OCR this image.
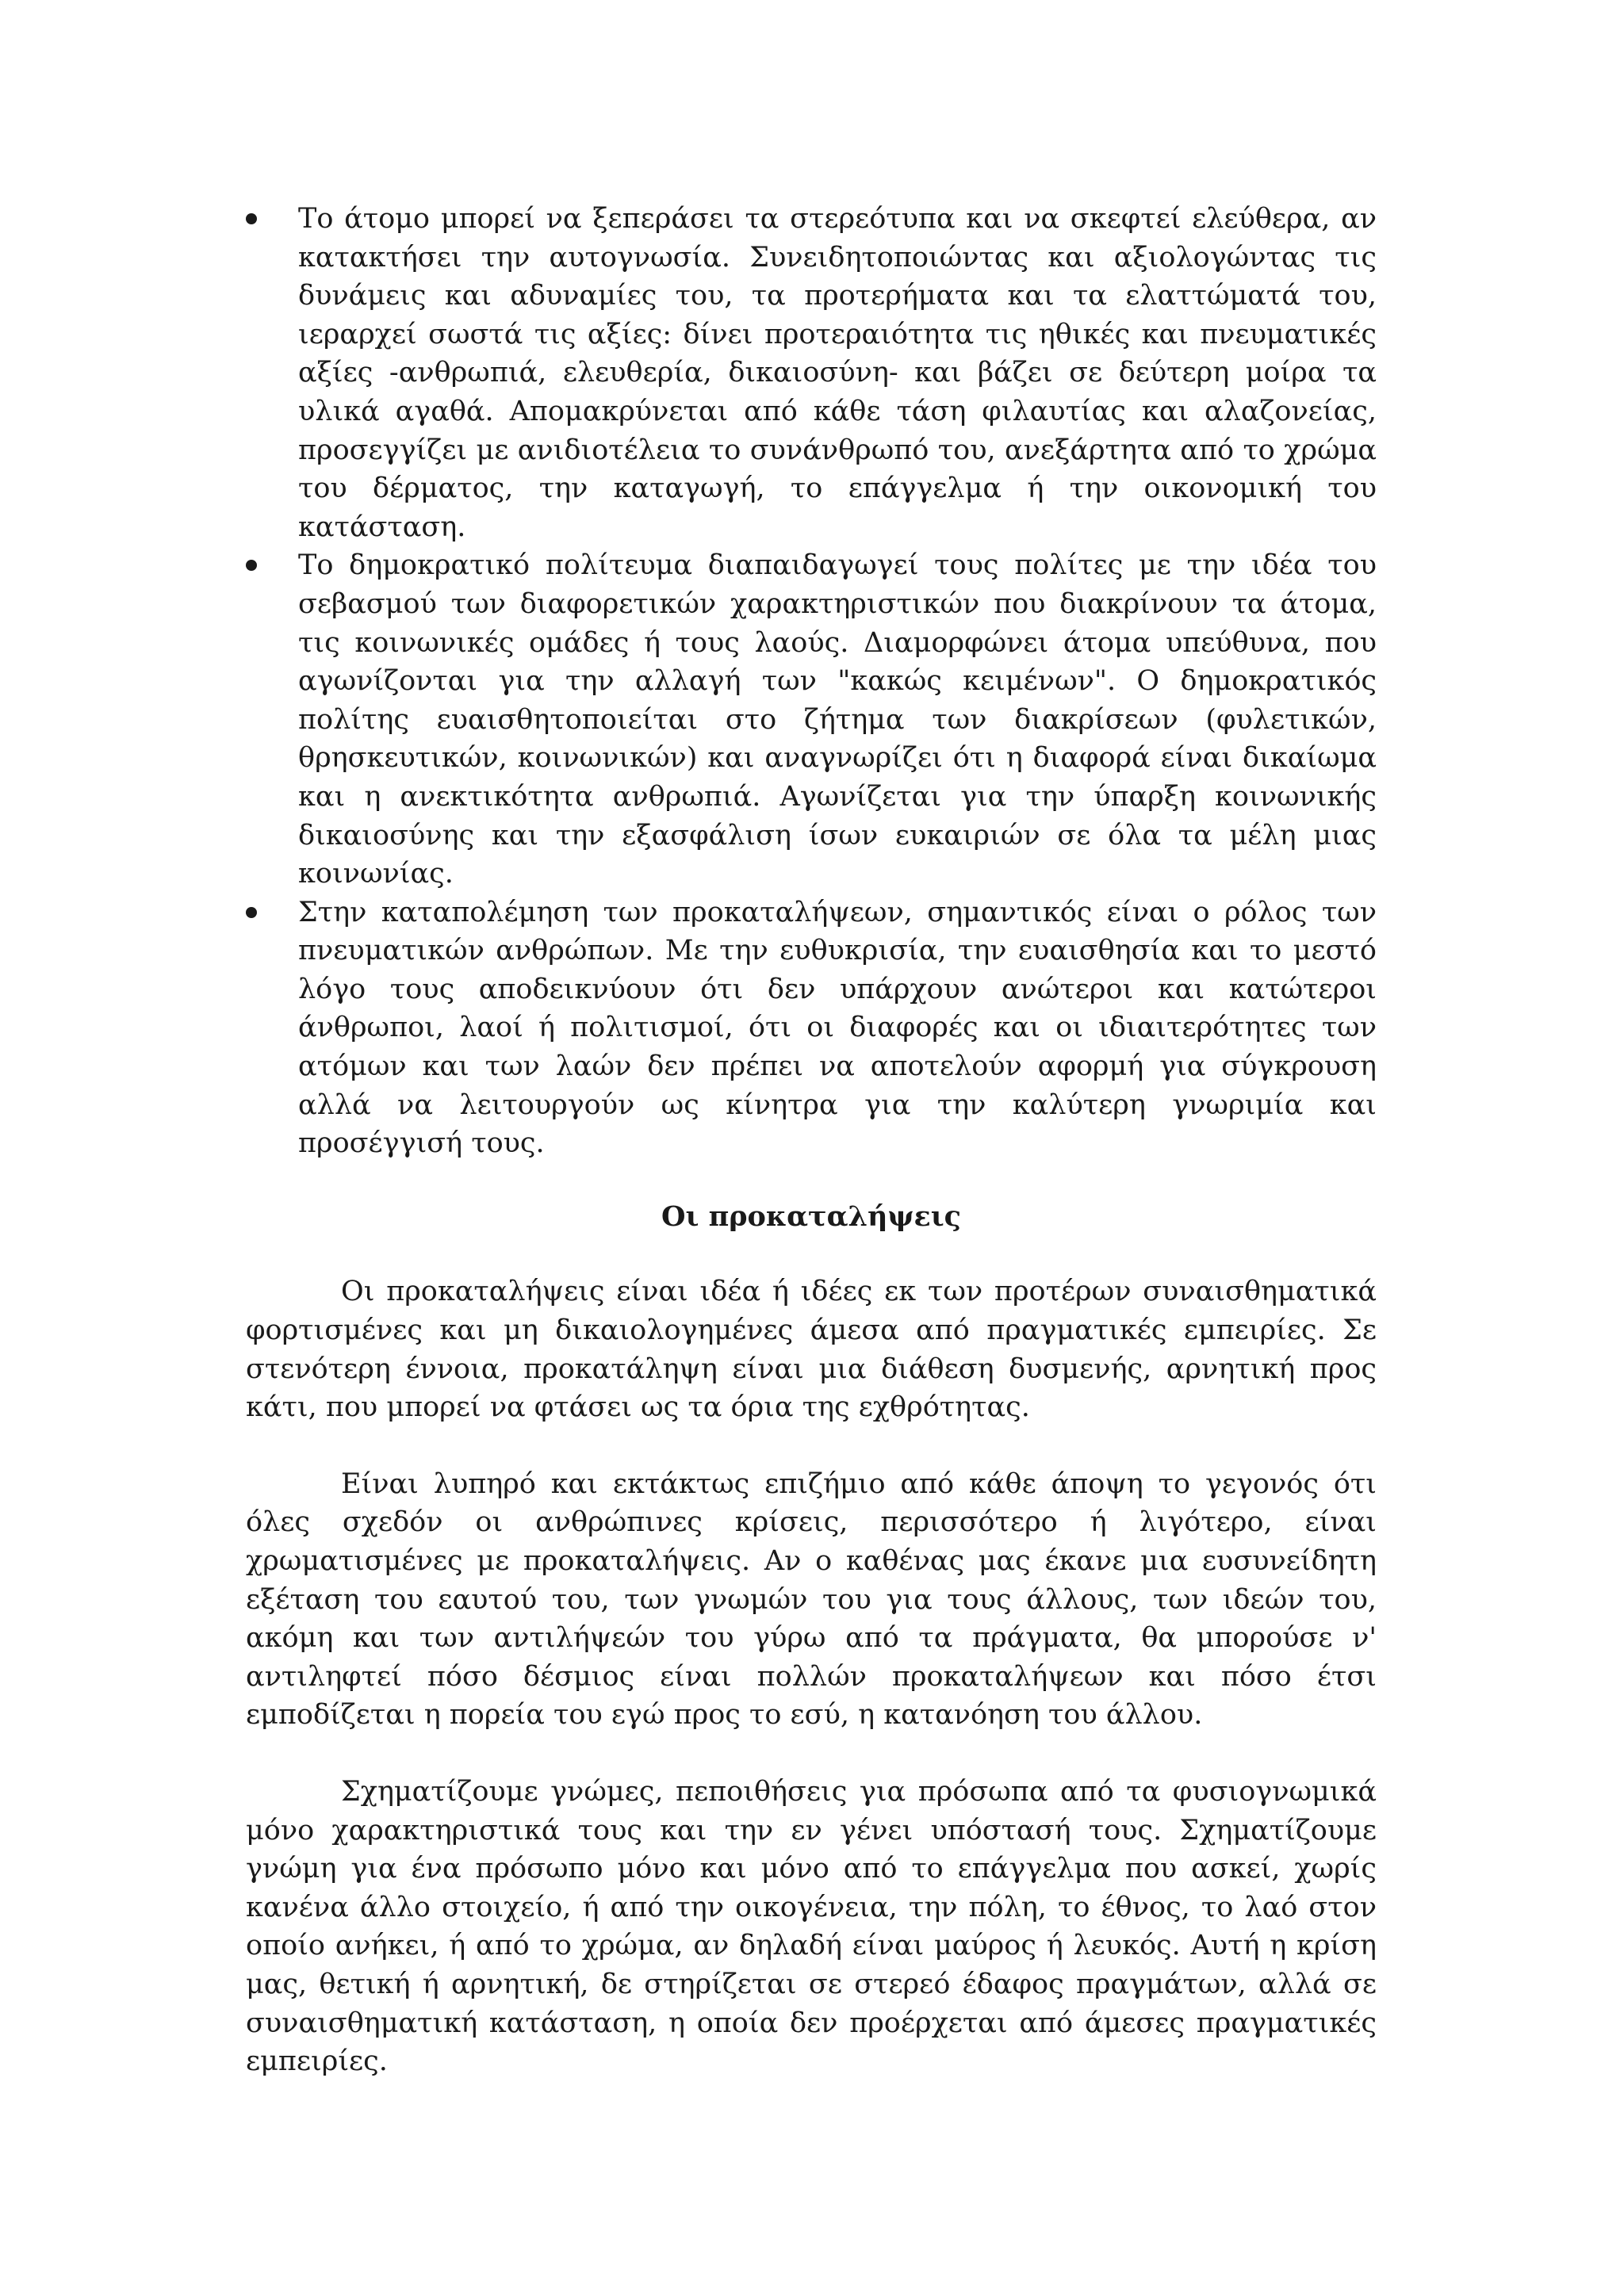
Το άτομο μπορεί να ξεπεράσει τα στερεότυπα και να σκεφτεί ελεύθερα, αν κατακτήσει την αυτογνωσία. Συνειδητοποιώντας και αξιολογώντας τις δυνάμεις και αδυναμίες του, τα προτερήματα και τα ελαττώματά του, ιεραρχεί σωστά τις αξίες: δίνει προτεραιότητα τις ηθικές και πνευματικές αξίες -ανθρωπιά, ελευθερία, δικαιοσύνη- και βάζει σε δεύτερη μοίρα τα υλικά αγαθά. Απομακρύνεται από κάθε τάση φιλαυτίας και αλαζονείας, προσεγγίζει με ανιδιοτέλεια το συνάνθρωπό του, ανεξάρτητα από το χρώμα του δέρματος, την καταγωγή, το επάγγελμα ή την οικονομική του κατάσταση.
Το δημοκρατικό πολίτευμα διαπαιδαγωγεί τους πολίτες με την ιδέα του σεβασμού των διαφορετικών χαρακτηριστικών που διακρίνουν τα άτομα, τις κοινωνικές ομάδες ή τους λαούς. Διαμορφώνει άτομα υπεύθυνα, που αγωνίζονται για την αλλαγή των "κακώς κειμένων". Ο δημοκρατικός πολίτης ευαισθητοποιείται στο ζήτημα των διακρίσεων (φυλετικών, θρησκευτικών, κοινωνικών) και αναγνωρίζει ότι η διαφορά είναι δικαίωμα και η ανεκτικότητα ανθρωπιά. Αγωνίζεται για την ύπαρξη κοινωνικής δικαιοσύνης και την εξασφάλιση ίσων ευκαιριών σε όλα τα μέλη μιας κοινωνίας.
Στην καταπολέμηση των προκαταλήψεων, σημαντικός είναι ο ρόλος των πνευματικών ανθρώπων. Με την ευθυκρισία, την ευαισθησία και το μεστό λόγο τους αποδεικνύουν ότι δεν υπάρχουν ανώτεροι και κατώτεροι άνθρωποι, λαοί ή πολιτισμοί, ότι οι διαφορές και οι ιδιαιτερότητες των ατόμων και των λαών δεν πρέπει να αποτελούν αφορμή για σύγκρουση αλλά να λειτουργούν ως κίνητρα για την καλύτερη γνωριμία και προσέγγισή τους.
Οι προκαταλήψεις

Οι προκαταλήψεις είναι ιδέα ή ιδέες εκ των προτέρων συναισθηματικά φορτισμένες και μη δικαιολογημένες άμεσα από πραγματικές εμπειρίες. Σε στενότερη έννοια, προκατάληψη είναι μια διάθεση δυσμενής, αρνητική προς κάτι, που μπορεί να φτάσει ως τα όρια της εχθρότητας.

Είναι λυπηρό και εκτάκτως επιζήμιο από κάθε άποψη το γεγονός ότι όλες σχεδόν οι ανθρώπινες κρίσεις, περισσότερο ή λιγότερο, είναι χρωματισμένες με προκαταλήψεις. Αν ο καθένας μας έκανε μια ευσυνείδητη εξέταση του εαυτού του, των γνωμών του για τους άλλους, των ιδεών του, ακόμη και των αντιλήψεών του γύρω από τα πράγματα, θα μπορούσε ν' αντιληφτεί πόσο δέσμιος είναι πολλών προκαταλήψεων και πόσο έτσι εμποδίζεται η πορεία του εγώ προς το εσύ, η κατανόηση του άλλου.

Σχηματίζουμε γνώμες, πεποιθήσεις για πρόσωπα από τα φυσιογνωμικά μόνο χαρακτηριστικά τους και την εν γένει υπόστασή τους. Σχηματίζουμε γνώμη για ένα πρόσωπο μόνο και μόνο από το επάγγελμα που ασκεί, χωρίς κανένα άλλο στοιχείο, ή από την οικογένεια, την πόλη, το έθνος, το λαό στον οποίο ανήκει, ή από το χρώμα, αν δηλαδή είναι μαύρος ή λευκός. Αυτή η κρίση μας, θετική ή αρνητική, δε στηρίζεται σε στερεό έδαφος πραγμάτων, αλλά σε συναισθηματική κατάσταση, η οποία δεν προέρχεται από άμεσες πραγματικές εμπειρίες.
